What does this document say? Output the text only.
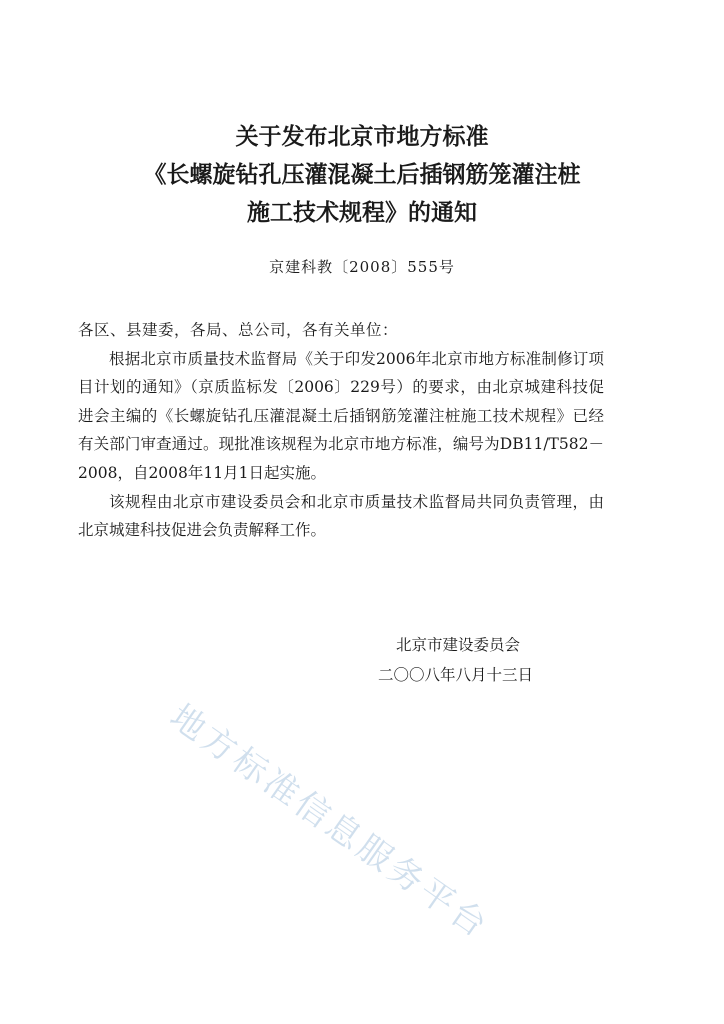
关于发布北京市地方标准
《长螺旋钻孔压灌混凝土后插钢筋笼灌注桩
施工技术规程》的通知
京建科教〔2008〕555号

各区、县建委，各局、总公司，各有关单位：

根据北京市质量技术监督局《关于印发2006年北京市地方标准制修订项目计划的通知》（京质监标发〔2006〕229号）的要求，由北京城建科技促进会主编的《长螺旋钻孔压灌混凝土后插钢筋笼灌注桩施工技术规程》已经有关部门审查通过。现批准该规程为北京市地方标准，编号为DB11/T582－2008，自2008年11月1日起实施。

该规程由北京市建设委员会和北京市质量技术监督局共同负责管理，由北京城建科技促进会负责解释工作。

北京市建设委员会
二〇〇八年八月十三日
地方标准信息服务平台
